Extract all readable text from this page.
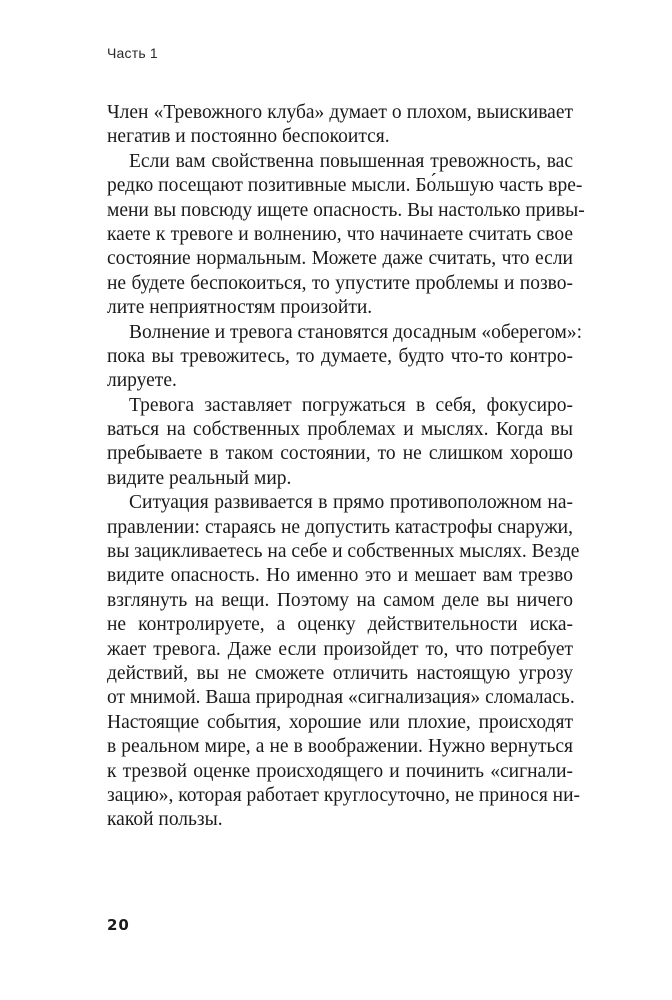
Часть 1
Член «Тревожного клуба» думает о плохом, выискивает
негатив и постоянно беспокоится.
Если вам свойственна повышенная тревожность, вас
редко посещают позитивные мысли. Бо́льшую часть вре-
мени вы повсюду ищете опасность. Вы настолько привы-
каете к тревоге и волнению, что начинаете считать свое
состояние нормальным. Можете даже считать, что если
не будете беспокоиться, то упустите проблемы и позво-
лите неприятностям произойти.
Волнение и тревога становятся досадным «оберегом»:
пока вы тревожитесь, то думаете, будто что-то контро-
лируете.
Тревога заставляет погружаться в себя, фокусиро-
ваться на собственных проблемах и мыслях. Когда вы
пребываете в таком состоянии, то не слишком хорошо
видите реальный мир.
Ситуация развивается в прямо противоположном на-
правлении: стараясь не допустить катастрофы снаружи,
вы зацикливаетесь на себе и собственных мыслях. Везде
видите опасность. Но именно это и мешает вам трезво
взглянуть на вещи. Поэтому на самом деле вы ничего
не контролируете, а оценку действительности иска-
жает тревога. Даже если произойдет то, что потребует
действий, вы не сможете отличить настоящую угрозу
от мнимой. Ваша природная «сигнализация» сломалась.
Настоящие события, хорошие или плохие, происходят
в реальном мире, а не в воображении. Нужно вернуться
к трезвой оценке происходящего и починить «сигнали-
зацию», которая работает круглосуточно, не принося ни-
какой пользы.
20
